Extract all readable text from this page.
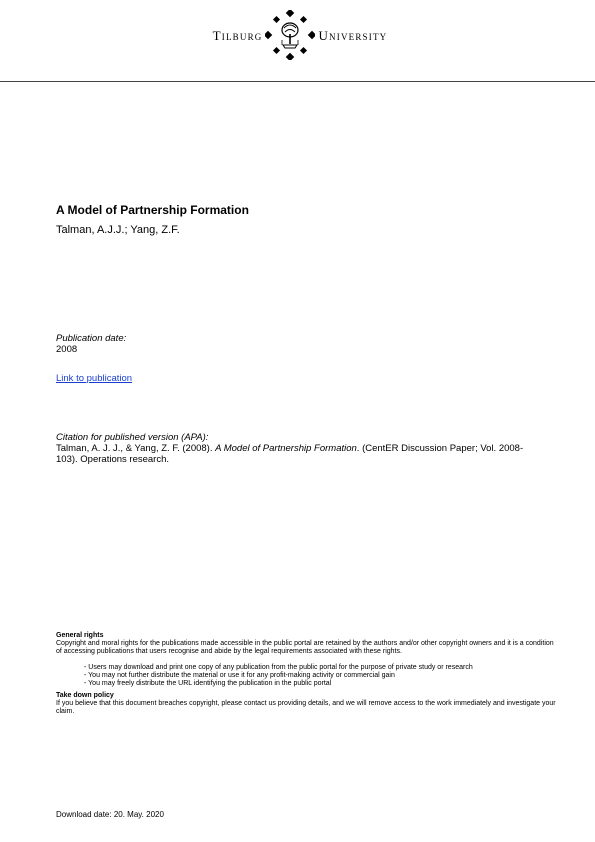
Tilburg	University
A Model of Partnership Formation
Talman, A.J.J.; Yang, Z.F.
Publication date:
2008
Link to publication
Citation for published version (APA):
Talman, A. J. J., & Yang, Z. F. (2008). A Model of Partnership Formation. (CentER Discussion Paper; Vol. 2008-103). Operations research.
General rights
Copyright and moral rights for the publications made accessible in the public portal are retained by the authors and/or other copyright owners and it is a condition of accessing publications that users recognise and abide by the legal requirements associated with these rights.
- Users may download and print one copy of any publication from the public portal for the purpose of private study or research
- You may not further distribute the material or use it for any profit-making activity or commercial gain
- You may freely distribute the URL identifying the publication in the public portal
Take down policy
If you believe that this document breaches copyright, please contact us providing details, and we will remove access to the work immediately and investigate your claim.
Download date: 20. May. 2020
